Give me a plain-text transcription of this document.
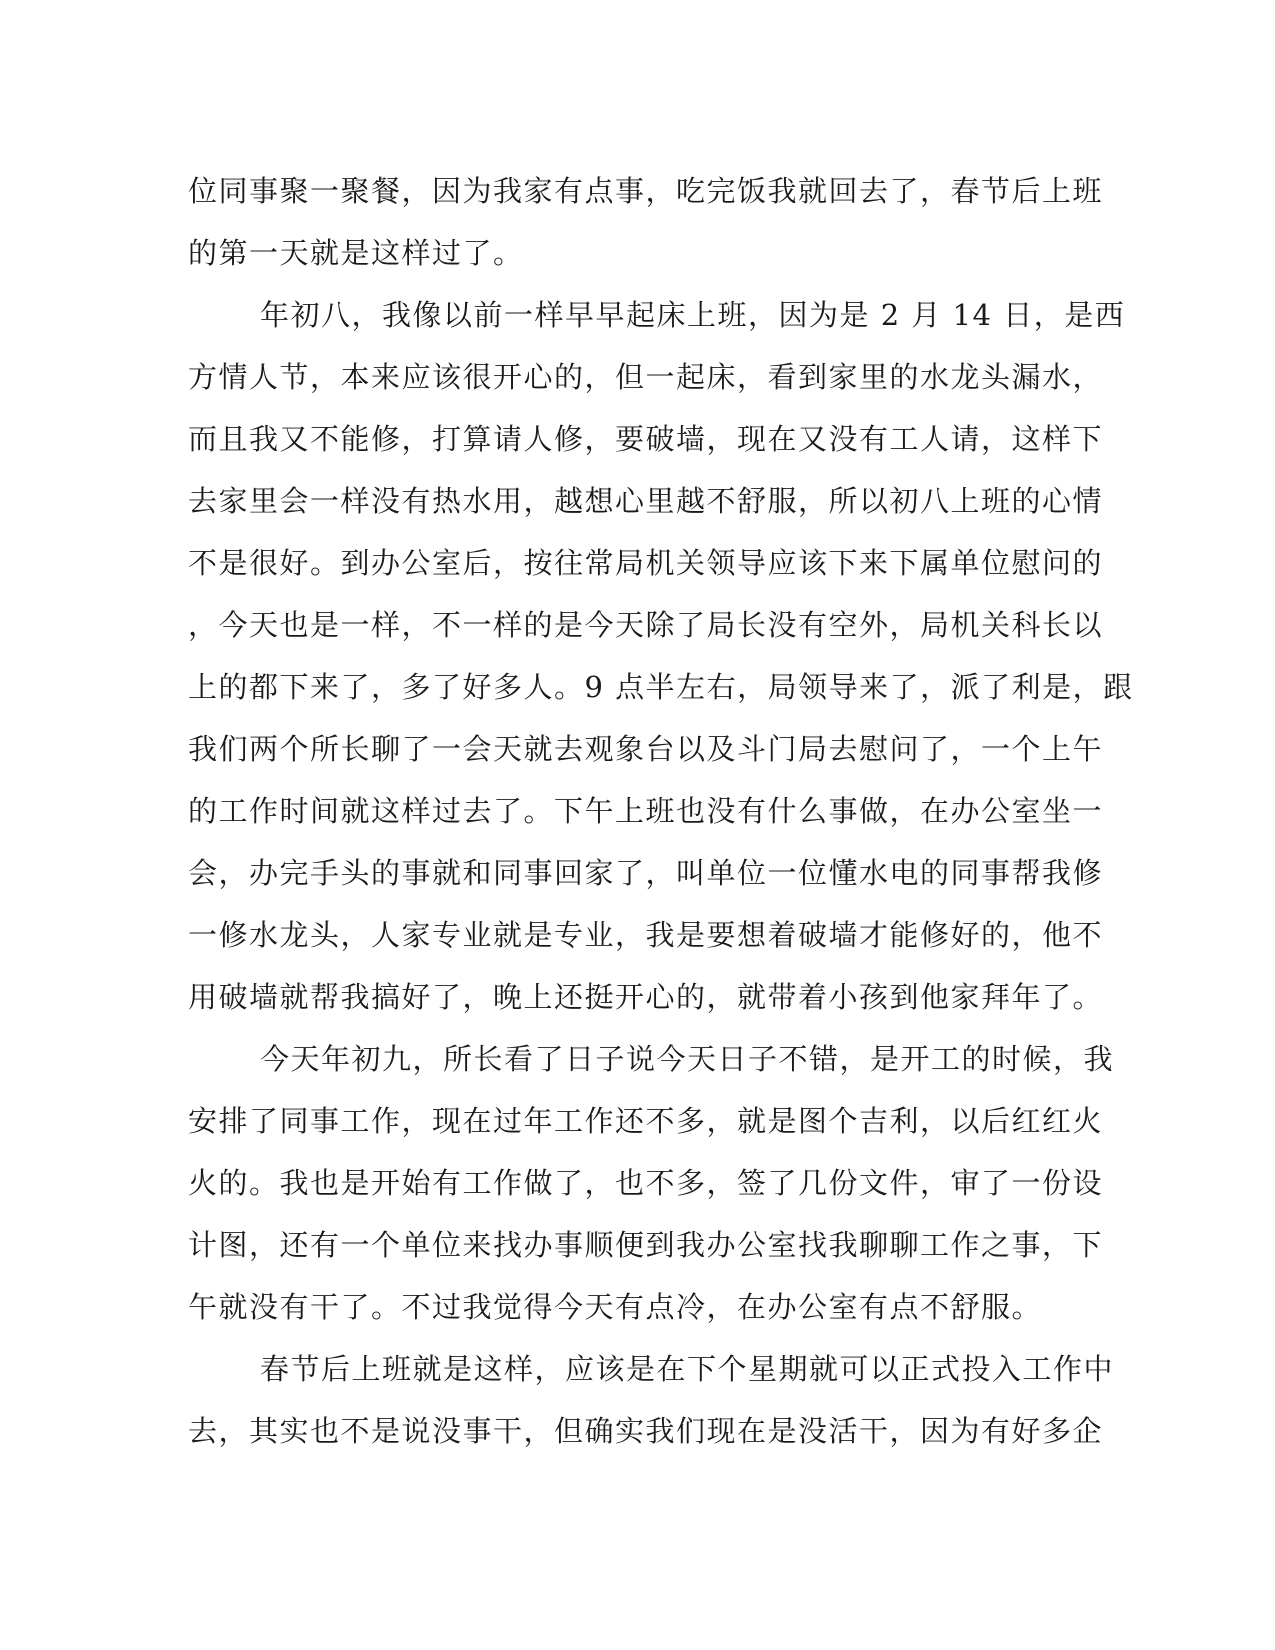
位同事聚一聚餐，因为我家有点事，吃完饭我就回去了，春节后上班
的第一天就是这样过了。
年初八，我像以前一样早早起床上班，因为是 2 月 14 日，是西
方情人节，本来应该很开心的，但一起床，看到家里的水龙头漏水，
而且我又不能修，打算请人修，要破墙，现在又没有工人请，这样下
去家里会一样没有热水用，越想心里越不舒服，所以初八上班的心情
不是很好。到办公室后，按往常局机关领导应该下来下属单位慰问的
，今天也是一样，不一样的是今天除了局长没有空外，局机关科长以
上的都下来了，多了好多人。9 点半左右，局领导来了，派了利是，跟
我们两个所长聊了一会天就去观象台以及斗门局去慰问了，一个上午
的工作时间就这样过去了。下午上班也没有什么事做，在办公室坐一
会，办完手头的事就和同事回家了，叫单位一位懂水电的同事帮我修
一修水龙头，人家专业就是专业，我是要想着破墙才能修好的，他不
用破墙就帮我搞好了，晚上还挺开心的，就带着小孩到他家拜年了。
今天年初九，所长看了日子说今天日子不错，是开工的时候，我
安排了同事工作，现在过年工作还不多，就是图个吉利，以后红红火
火的。我也是开始有工作做了，也不多，签了几份文件，审了一份设
计图，还有一个单位来找办事顺便到我办公室找我聊聊工作之事，下
午就没有干了。不过我觉得今天有点冷，在办公室有点不舒服。
春节后上班就是这样，应该是在下个星期就可以正式投入工作中
去，其实也不是说没事干，但确实我们现在是没活干，因为有好多企
